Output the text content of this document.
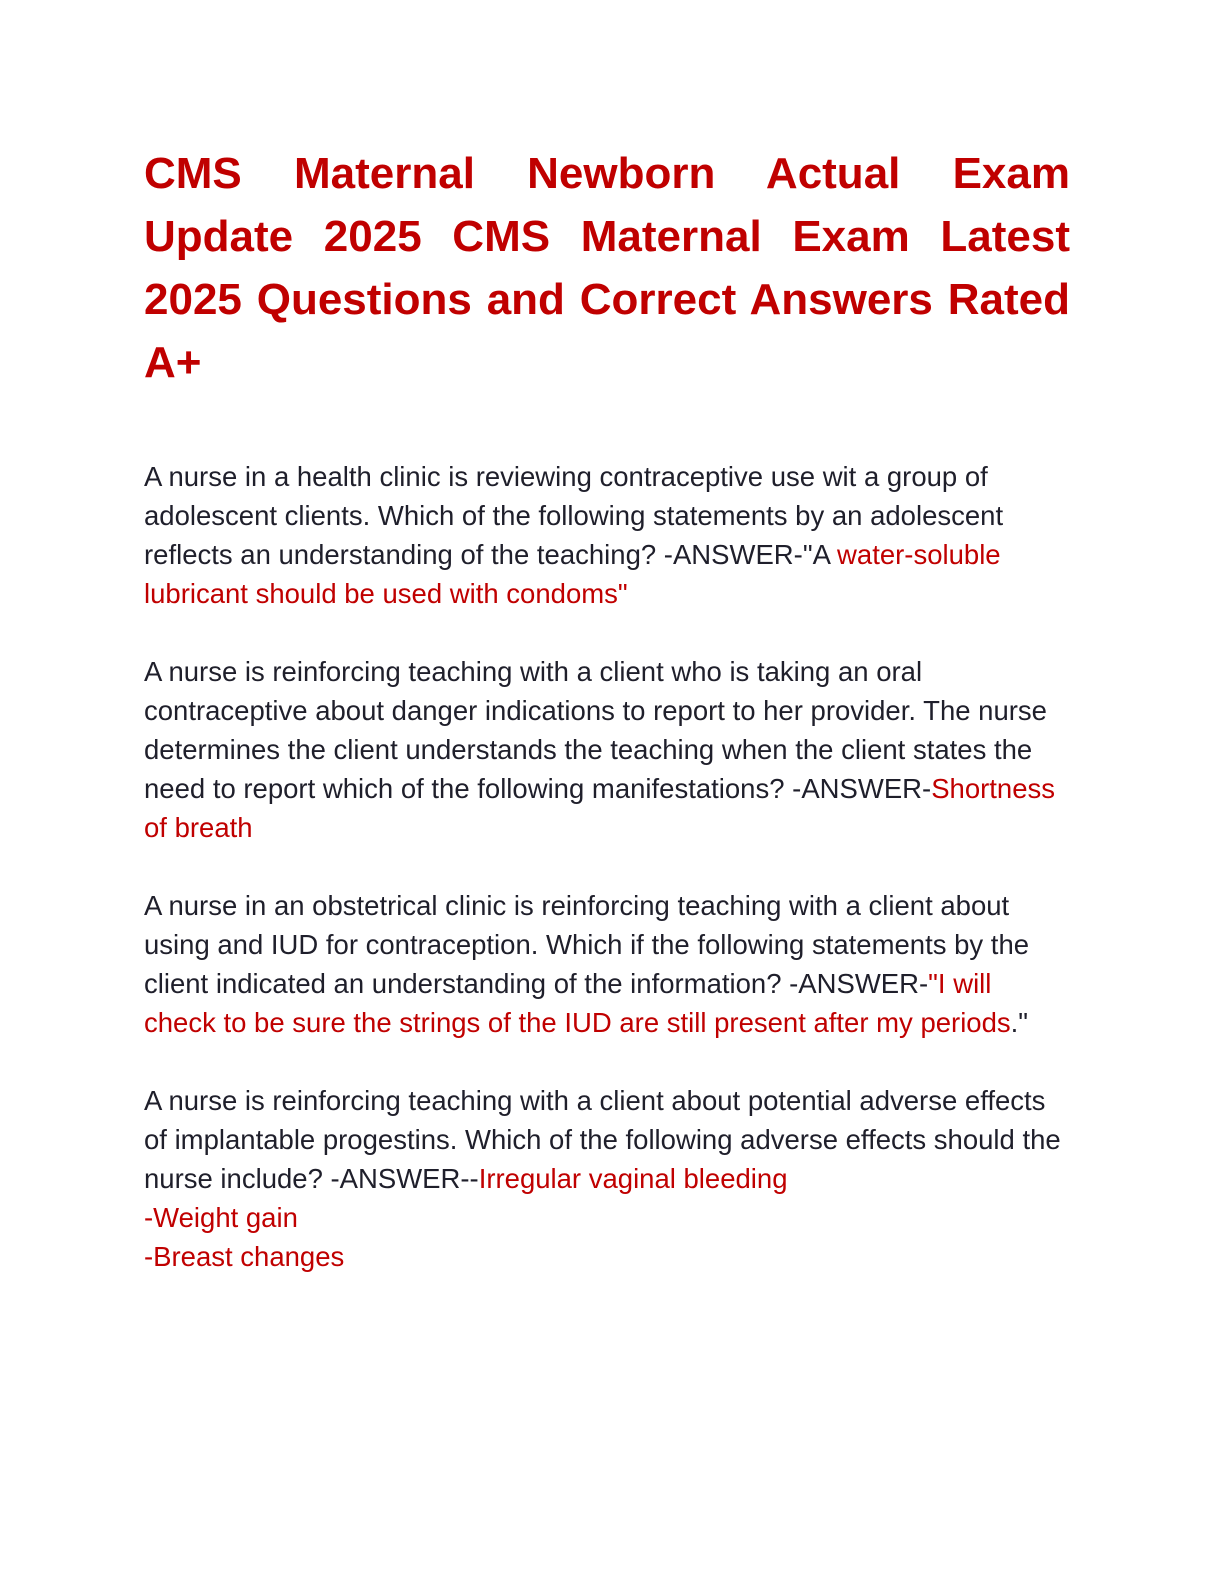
CMS Maternal Newborn Actual Exam Update 2025 CMS Maternal Exam Latest 2025 Questions and Correct Answers Rated A+

A nurse in a health clinic is reviewing contraceptive use wit a group of adolescent clients. Which of the following statements by an adolescent reflects an understanding of the teaching? -ANSWER-"A water-soluble lubricant should be used with condoms"

A nurse is reinforcing teaching with a client who is taking an oral contraceptive about danger indications to report to her provider. The nurse determines the client understands the teaching when the client states the need to report which of the following manifestations? -ANSWER-Shortness of breath

A nurse in an obstetrical clinic is reinforcing teaching with a client about using and IUD for contraception. Which if the following statements by the client indicated an understanding of the information? -ANSWER-"I will check to be sure the strings of the IUD are still present after my periods."

A nurse is reinforcing teaching with a client about potential adverse effects of implantable progestins. Which of the following adverse effects should the nurse include? -ANSWER--Irregular vaginal bleeding
-Weight gain
-Breast changes
